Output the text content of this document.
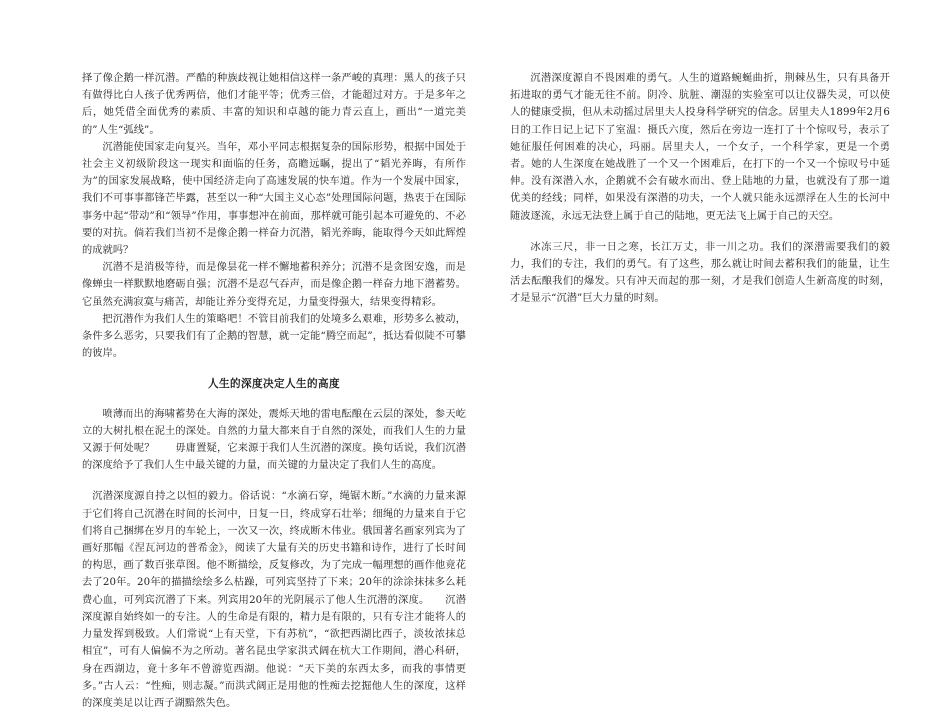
择了像企鹅一样沉潜。严酷的种族歧视让她相信这样一条严峻的真理：黑人的孩子只有做得比白人孩子优秀两倍，他们才能平等；优秀三倍，才能超过对方。于是多年之后，她凭借全面优秀的素质、丰富的知识和卓越的能力青云直上，画出“一道完美的”人生“弧线”。

沉潜能使国家走向复兴。当年，邓小平同志根据复杂的国际形势，根据中国处于社会主义初级阶段这一现实和面临的任务，高瞻远瞩，提出了“韬光养晦，有所作为”的国家发展战略，使中国经济走向了高速发展的快车道。作为一个发展中国家，我们不可事事都锋芒毕露，甚至以一种“大国主义心态”处理国际问题，热衷于在国际事务中起“带动”和“领导”作用，事事想冲在前面，那样就可能引起本可避免的、不必要的对抗。倘若我们当初不是像企鹅一样奋力沉潜，韬光养晦，能取得今天如此辉煌的成就吗？

沉潜不是消极等待，而是像昙花一样不懈地蓄积养分；沉潜不是贪图安逸，而是像蝉虫一样默默地磨砺自强；沉潜不是忍气吞声，而是像企鹅一样奋力地下潜蓄势。它虽然充满寂寞与痛苦，却能让养分变得充足，力量变得强大，结果变得精彩。

把沉潜作为我们人生的策略吧！不管目前我们的处境多么艰难，形势多么被动，条件多么恶劣，只要我们有了企鹅的智慧，就一定能“腾空而起”，抵达看似陡不可攀的彼岸。

人生的深度决定人生的高度

喷薄而出的海啸蓄势在大海的深处，震烁天地的雷电酝酿在云层的深处，参天屹立的大树扎根在泥土的深处。自然的力量大都来自于自然的深处，而我们人生的力量又源于何处呢？　　毋庸置疑，它来源于我们人生沉潜的深度。换句话说，我们沉潜的深度给予了我们人生中最关键的力量，而关键的力量决定了我们人生的高度。

沉潜深度源自持之以恒的毅力。俗话说：“水滴石穿，绳锯木断。”水滴的力量来源于它们将自己沉潜在时间的长河中，日复一日，终成穿石壮举；细绳的力量来自于它们将自己捆绑在岁月的车轮上，一次又一次，终成断木伟业。俄国著名画家列宾为了画好那幅《涅瓦河边的普希金》，阅读了大量有关的历史书籍和诗作，进行了长时间的构思，画了数百张草图。他不断描绘，反复修改，为了完成一幅理想的画作他竟花去了20年。20年的描描绘绘多么枯躁，可列宾坚持了下来；20年的涂涂抹抹多么耗费心血，可列宾沉潜了下来。列宾用20年的光阴展示了他人生沉潜的深度。　　沉潜深度源自始终如一的专注。人的生命是有限的，精力是有限的，只有专注才能将人的力量发挥到极致。人们常说“上有天堂，下有苏杭”，“欲把西湖比西子，淡妆浓抹总相宜”，可有人偏偏不为之所动。著名昆虫学家洪式阔在杭大工作期间，潜心科研，身在西湖边，竟十多年不曾游览西湖。他说：“天下美的东西太多，而我的事情更多。”古人云：“性痴，则志凝。”而洪式阔正是用他的性痴去挖掘他人生的深度，这样的深度美足以让西子湖黯然失色。

沉潜深度源自不畏困难的勇气。人生的道路蜿蜒曲折，荆棘丛生，只有具备开拓进取的勇气才能无往不前。阴冷、肮脏、潮湿的实验室可以让仪器失灵，可以使人的健康受损，但从未动摇过居里夫人投身科学研究的信念。居里夫人1899年2月6日的工作日记上记下了室温：摄氏六度，然后在旁边一连打了十个惊叹号，表示了她征服任何困难的决心，玛丽。居里夫人，一个女子，一个科学家，更是一个勇者。她的人生深度在她战胜了一个又一个困难后，在打下的一个又一个惊叹号中延伸。没有深潜入水，企鹅就不会有破水而出、登上陆地的力量，也就没有了那一道优美的经线；同样，如果没有深潜的功夫，一个人就只能永远漂浮在人生的长河中随波逐流，永远无法登上属于自己的陆地，更无法飞上属于自己的天空。

冰冻三尺，非一日之寒，长江万丈，非一川之功。我们的深潜需要我们的毅力，我们的专注，我们的勇气。有了这些，那么就让时间去蓄积我们的能量，让生活去酝酿我们的爆发。只有冲天而起的那一刻，才是我们创造人生新高度的时刻，才是显示“沉潜”巨大力量的时刻。
